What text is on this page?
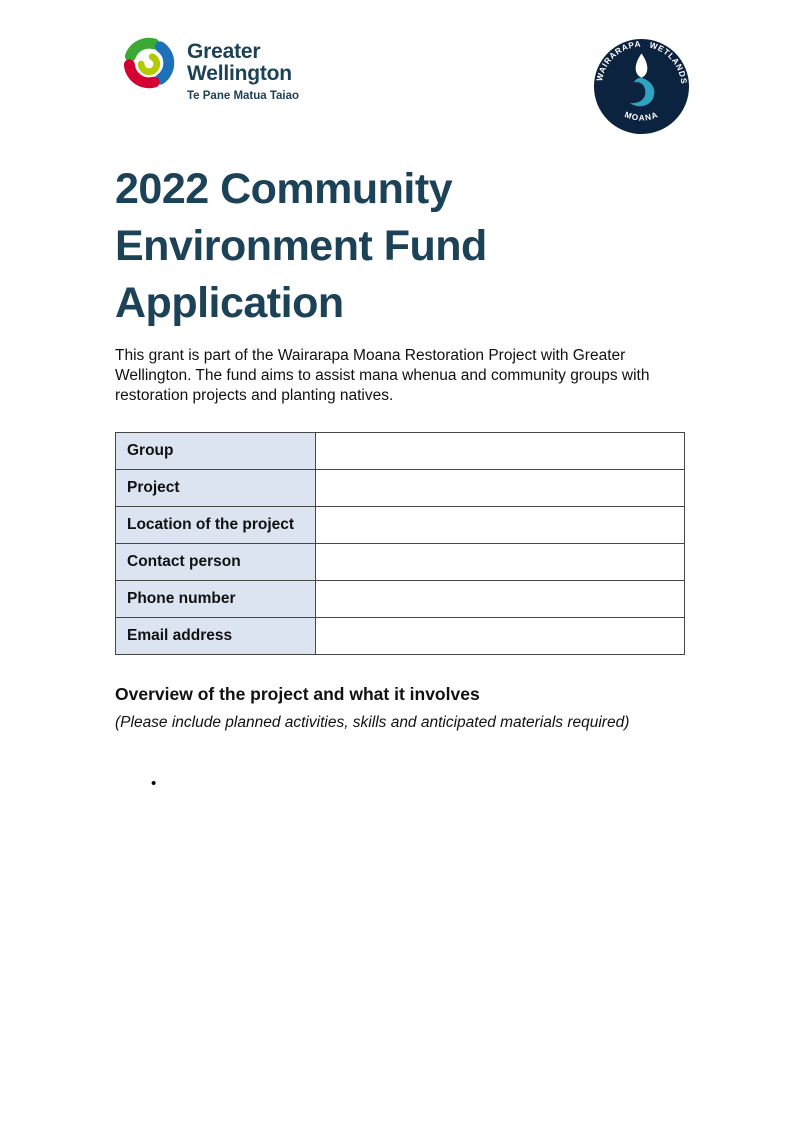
Greater
Wellington
Te Pane Matua Taiao
WAIRARAPA WETLANDS
MOANA
2022 Community Environment Fund Application

This grant is part of the Wairarapa Moana Restoration Project with Greater Wellington. The fund aims to assist mana whenua and community groups with restoration projects and planting natives.

Group	
Project	
Location of the project	
Contact person	
Phone number	
Email address	
Overview of the project and what it involves

(Please include planned activities, skills and anticipated materials required)

•
